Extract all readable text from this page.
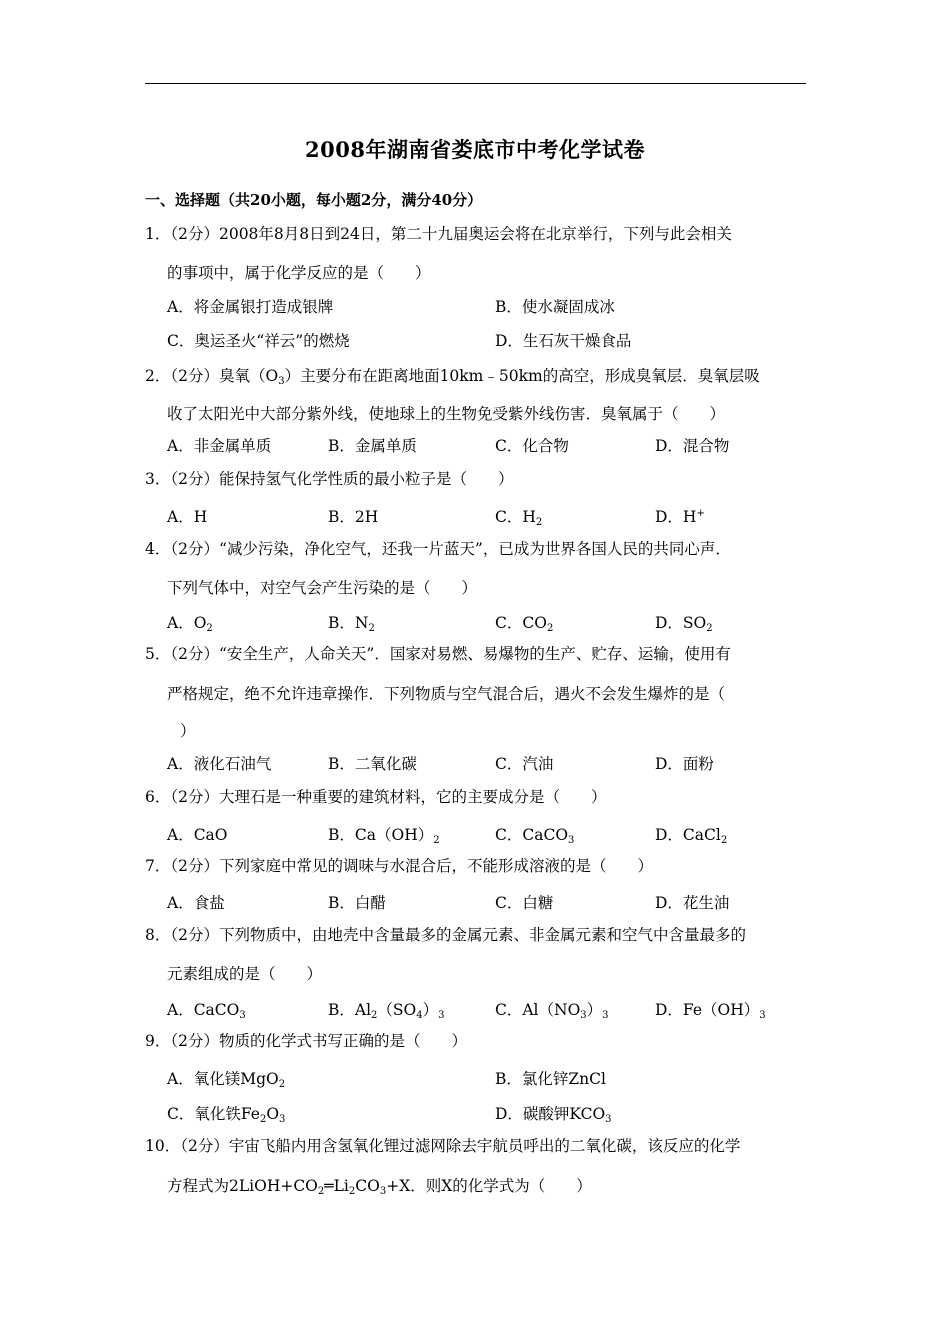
2008年湖南省娄底市中考化学试卷
一、选择题（共20小题，每小题2分，满分40分）
1．（2分）2008年8月8日到24日，第二十九届奥运会将在北京举行，下列与此会相关
的事项中，属于化学反应的是（　　）
A．将金属银打造成银牌	B．使水凝固成冰
C．奥运圣火“祥云”的燃烧	D．生石灰干燥食品
2．（2分）臭氧$(O_3)$主要分布在距离地面10km﹣50km的高空，形成臭氧层．臭氧层吸
收了太阳光中大部分紫外线，使地球上的生物免受紫外线伤害．臭氧属于（　　）
A．非金属单质	B．金属单质	C．化合物	D．混合物
3．（2分）能保持氢气化学性质的最小粒子是（　　）
A．H	B．2H	C．$H_2$	D．H+
4．（2分）“减少污染，净化空气，还我一片蓝天”，已成为世界各国人民的共同心声．
下列气体中，对空气会产生污染的是（　　）
A．$O_2$	B．$N_2$	C．$CO_2$	D．$SO_2$
5．（2分）“安全生产，人命关天”．国家对易燃、易爆物的生产、贮存、运输，使用有
严格规定，绝不允许违章操作．下列物质与空气混合后，遇火不会发生爆炸的是（
）
A．液化石油气	B．二氧化碳	C．汽油	D．面粉
6．（2分）大理石是一种重要的建筑材料，它的主要成分是（　　）
A．CaO	B．$Ca(OH)_2$	C．CaCO$_3$	D．CaCl$_2$
7．（2分）下列家庭中常见的调味与水混合后，不能形成溶液的是（　　）
A．食盐	B．白醋	C．白糖	D．花生油
8．（2分）下列物质中，由地壳中含量最多的金属元素、非金属元素和空气中含量最多的
元素组成的是（　　）
A．CaCO$_3$	B．$Al_2(SO_4)_3$	C．$Al(NO_3)_3$	D．$Fe(OH)_3$
9．（2分）物质的化学式书写正确的是（　　）
A．氧化镁MgO$_2$	B．氯化锌ZnCl
C．氧化铁$Fe_2O_3$	D．碳酸钾$KCO_3$
10．（2分）宇宙飞船内用含氢氧化锂过滤网除去宇航员呼出的二氧化碳，该反应的化学
方程式为$2LiOH+CO_2═Li_2CO_3+X$．则X的化学式为（　　）
